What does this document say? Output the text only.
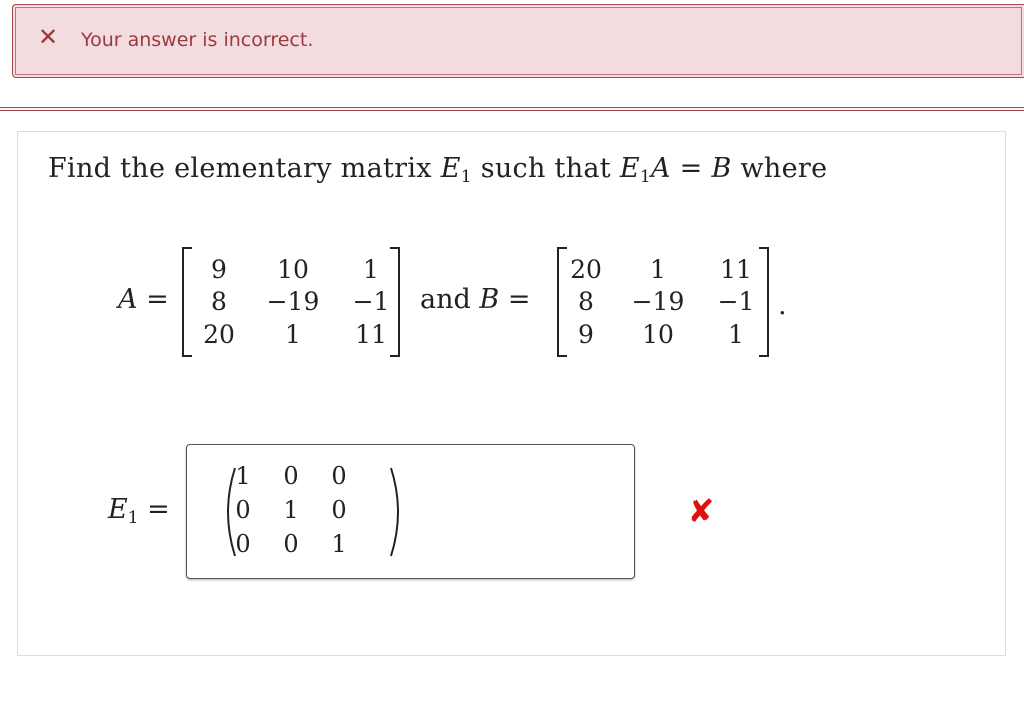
✕ Your answer is incorrect.
Find the elementary matrix $E_1$ such that $E_1A = B$ where
A =
9	10	1
8	−19	−1
20	1	11
and B =
20	1	11
8	−19	−1
9	10	1
.
$E_1$ =
1	0	0
0	1	0
0	0	1
✘
